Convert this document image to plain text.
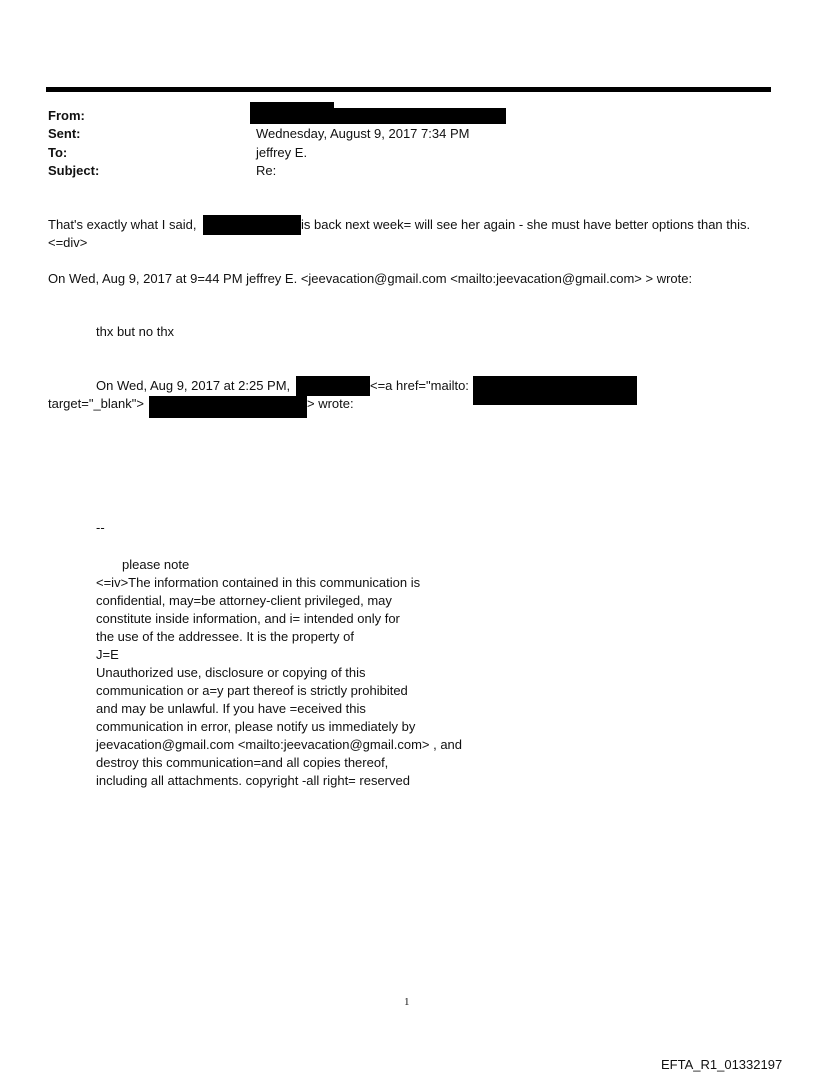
From:
Sent:	Wednesday, August 9, 2017 7:34 PM
To:	jeffrey E.
Subject:	Re:
That's exactly what I said,	is back next week= will see her again - she must have better options than this.
<=div>
On Wed, Aug 9, 2017 at 9=44 PM jeffrey E. <jeevacation@gmail.com <mailto:jeevacation@gmail.com> > wrote:
thx but no thx
On Wed, Aug 9, 2017 at 2:25 PM,	<=a href="mailto:
target="_blank">	> wrote:
--
please note
<=iv>The information contained in this communication is
confidential, may=be attorney-client privileged, may
constitute inside information, and i= intended only for
the use of the addressee. It is the property of
J=E
Unauthorized use, disclosure or copying of this
communication or a=y part thereof is strictly prohibited
and may be unlawful. If you have =eceived this
communication in error, please notify us immediately by
jeevacation@gmail.com <mailto:jeevacation@gmail.com> , and
destroy this communication=and all copies thereof,
including all attachments. copyright -all right= reserved
1
EFTA_R1_01332197
